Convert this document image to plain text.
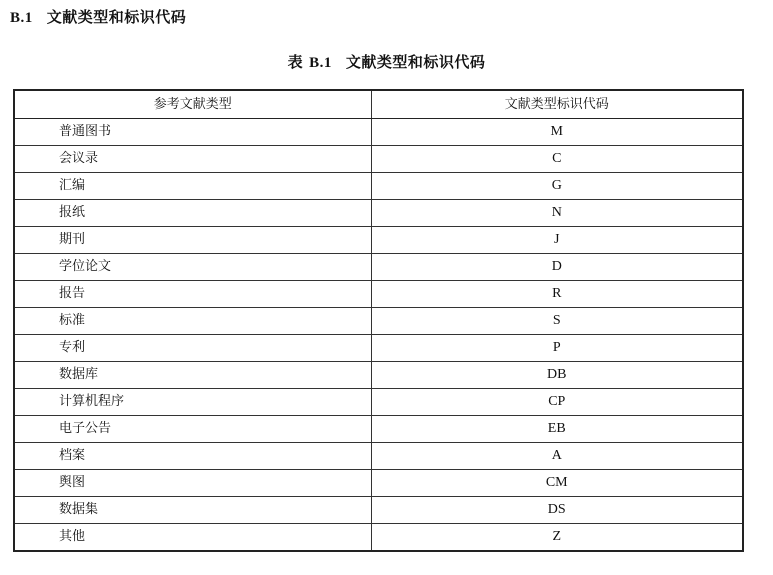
B.1 文献类型和标识代码
表 B.1 文献类型和标识代码
参考文献类型	文献类型标识代码
普通图书	M
会议录	C
汇编	G
报纸	N
期刊	J
学位论文	D
报告	R
标准	S
专利	P
数据库	DB
计算机程序	CP
电子公告	EB
档案	A
舆图	CM
数据集	DS
其他	Z
